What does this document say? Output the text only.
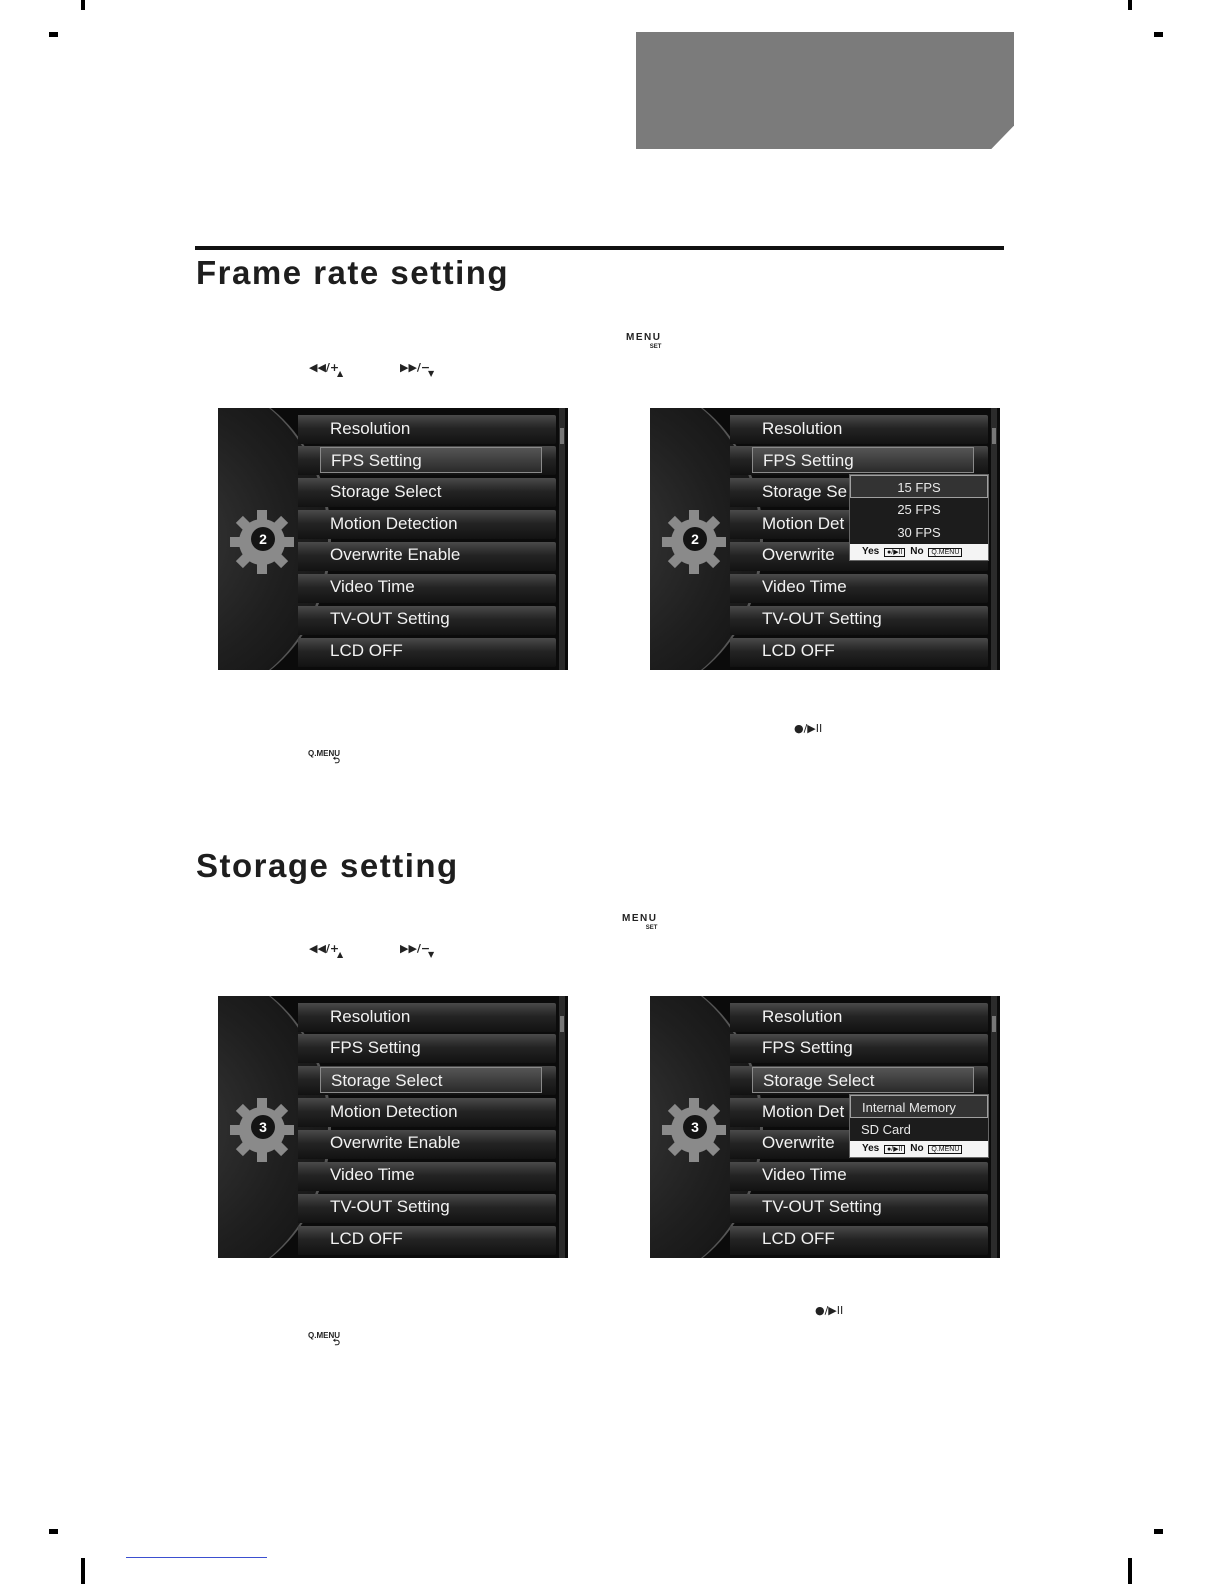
Frame rate setting
MENU
SET
◀◀/+
▲	▶▶/−
▼
2
Resolution
FPS Setting
Storage Select
Motion Detection
Overwrite Enable
Video Time
TV-OUT Setting
LCD OFF
2
Resolution
FPS Setting
Storage Se
Motion Det
Overwrite
Video Time
TV-OUT Setting
LCD OFF
15 FPS
25 FPS
30 FPS
Yes ●/▶II No Q.MENU
●/▶II
Q.MENU
⮌
Storage setting
MENU
SET
◀◀/+
▲	▶▶/−
▼
3
Resolution
FPS Setting
Storage Select
Motion Detection
Overwrite Enable
Video Time
TV-OUT Setting
LCD OFF
3
Resolution
FPS Setting
Storage Select
Motion Det
Overwrite
Video Time
TV-OUT Setting
LCD OFF
Internal Memory
SD Card
Yes ●/▶II No Q.MENU
●/▶II
Q.MENU
⮌
